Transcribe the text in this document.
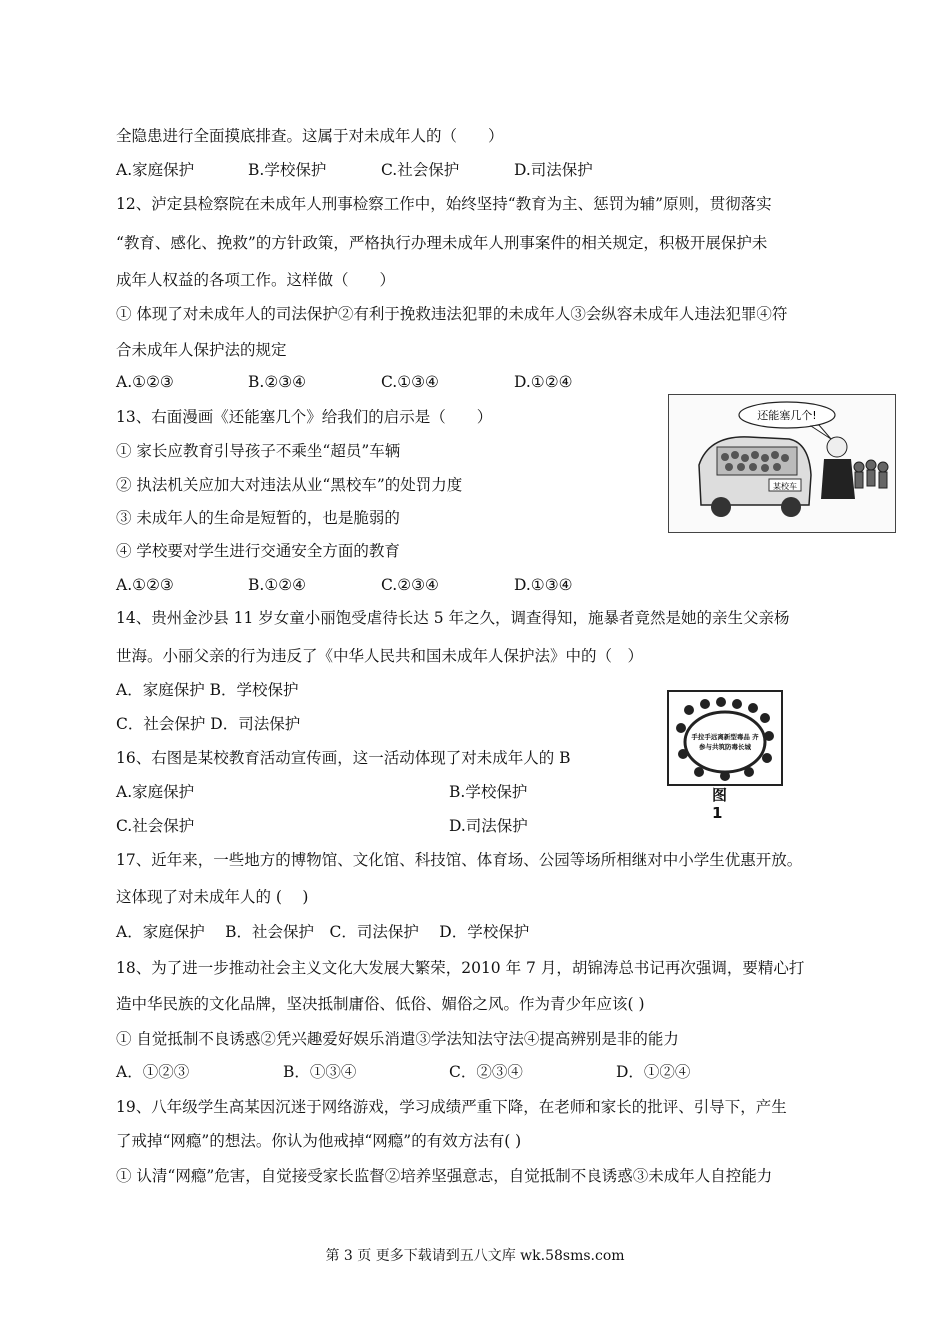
全隐患进行全面摸底排查。这属于对未成年人的（　　）
A.家庭保护	B.学校保护	C.社会保护	D.司法保护
12、泸定县检察院在未成年人刑事检察工作中，始终坚持“教育为主、惩罚为辅”原则，贯彻落实
“教育、感化、挽救”的方针政策，严格执行办理未成年人刑事案件的相关规定，积极开展保护未
成年人权益的各项工作。这样做（　　）
① 体现了对未成年人的司法保护②有利于挽救违法犯罪的未成年人③会纵容未成年人违法犯罪④符
合未成年人保护法的规定
A.①②③	B.②③④	C.①③④	D.①②④
13、右面漫画《还能塞几个》给我们的启示是（　　）
① 家长应教育引导孩子不乘坐“超员”车辆
② 执法机关应加大对违法从业“黑校车”的处罚力度
③ 未成年人的生命是短暂的，也是脆弱的
④ 学校要对学生进行交通安全方面的教育
A.①②③	B.①②④	C.②③④	D.①③④
还能塞几个!
某校车
14、贵州金沙县 11 岁女童小丽饱受虐待长达 5 年之久，调查得知，施暴者竟然是她的亲生父亲杨
世海。小丽父亲的行为违反了《中华人民共和国未成年人保护法》中的（　）
A．家庭保护 B．学校保护
C．社会保护 D．司法保护
手拉手远离新型毒品 齐参与共筑防毒长城
图
1
16、右图是某校教育活动宣传画，这一活动体现了对未成年人的 B
A.家庭保护	B.学校保护
C.社会保护	D.司法保护
17、近年来，一些地方的博物馆、文化馆、科技馆、体育场、公园等场所相继对中小学生优惠开放。
这体现了对未成年人的 (　 )
A．家庭保护　 B．社会保护　C．司法保护　 D．学校保护
18、为了进一步推动社会主义文化大发展大繁荣，2010 年 7 月，胡锦涛总书记再次强调，要精心打
造中华民族的文化品牌，坚决抵制庸俗、低俗、媚俗之风。作为青少年应该( )
① 自觉抵制不良诱惑②凭兴趣爱好娱乐消遣③学法知法守法④提高辨别是非的能力
A．①②③	B．①③④	C．②③④	D．①②④
19、八年级学生高某因沉迷于网络游戏，学习成绩严重下降，在老师和家长的批评、引导下，产生
了戒掉“网瘾”的想法。你认为他戒掉“网瘾”的有效方法有( )
① 认清“网瘾”危害，自觉接受家长监督②培养坚强意志，自觉抵制不良诱惑③未成年人自控能力
第 3 页 更多下载请到五八文库 wk.58sms.com
